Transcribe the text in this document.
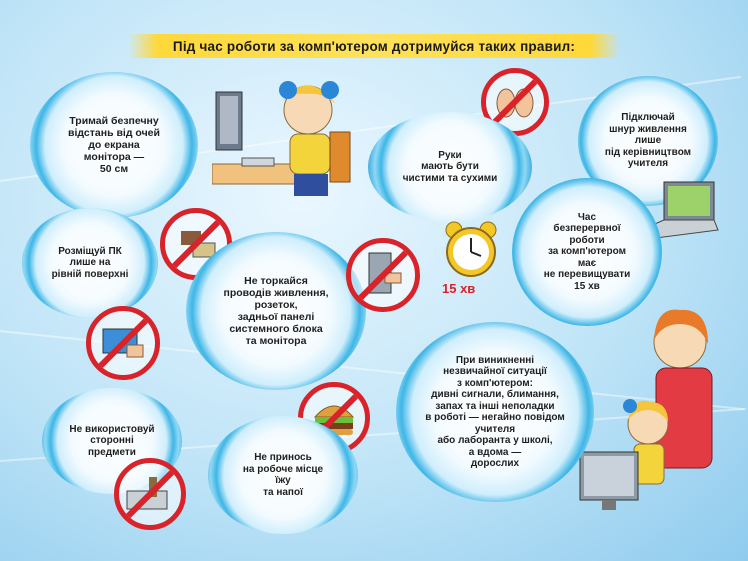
Під час роботи за комп'ютером дотримуйся таких правил:
Тримай безпечну
відстань від очей
до екрана
монітора —
50 см
Підключай
шнур живлення
лише
під керівництвом
учителя
Руки
мають бути
чистими та сухими
Розміщуй ПК
лише на
рівній поверхні
Не торкайся
проводів живлення,
розеток,
задньої панелі
системного блока
та монітора
15 хв
Час
безперервної
роботи
за комп'ютером
має
не перевищувати
15 хв
При виникненні
незвичайної ситуації
з комп'ютером:
дивні сигнали, блимання,
запах та інші неполадки
в роботі — негайно повідом
учителя
або лаборанта у школі,
а вдома —
дорослих
Не використовуй
сторонні
предмети	Не принось
на робоче місце
їжу
та напої
